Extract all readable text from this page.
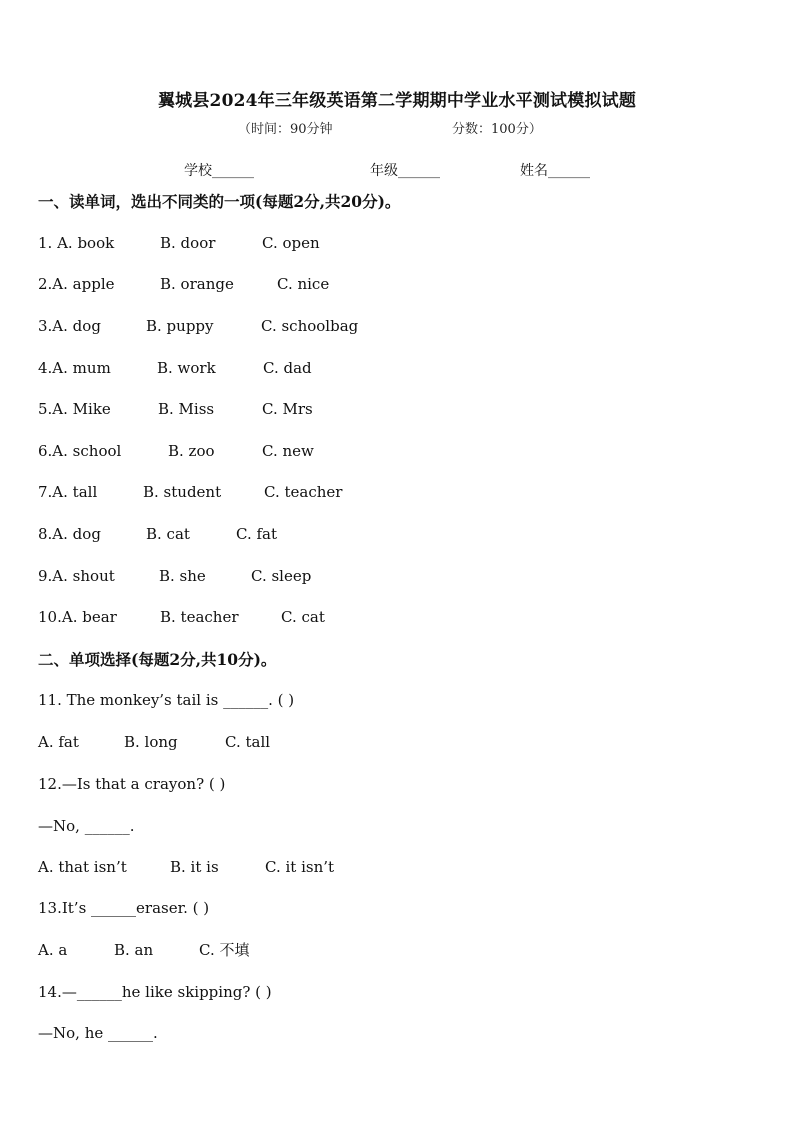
翼城县2024年三年级英语第二学期期中学业水平测试模拟试题
（时间：90分钟	分数：100分）
学校______	年级______	姓名______
一、读单词，选出不同类的一项(每题2分,共20分)。
1. A. book	B. door	C. open
2.A. apple	B. orange	C. nice
3.A. dog	B. puppy	C. schoolbag
4.A. mum	B. work	C. dad
5.A. Mike	B. Miss	C. Mrs
6.A. school	B. zoo	C. new
7.A. tall	B. student	C. teacher
8.A. dog	B. cat	C. fat
9.A. shout	B. she	C. sleep
10.A. bear	B. teacher	C. cat
二、单项选择(每题2分,共10分)。
11. The monkey’s tail is ______. ( )
A. fat	B. long	C. tall
12.—Is that a crayon? ( )
—No, ______.
A. that isn’t	B. it is	C. it isn’t
13.It’s ______eraser. ( )
A. a	B. an	C. 不填
14.—______he like skipping? ( )
—No, he ______.
